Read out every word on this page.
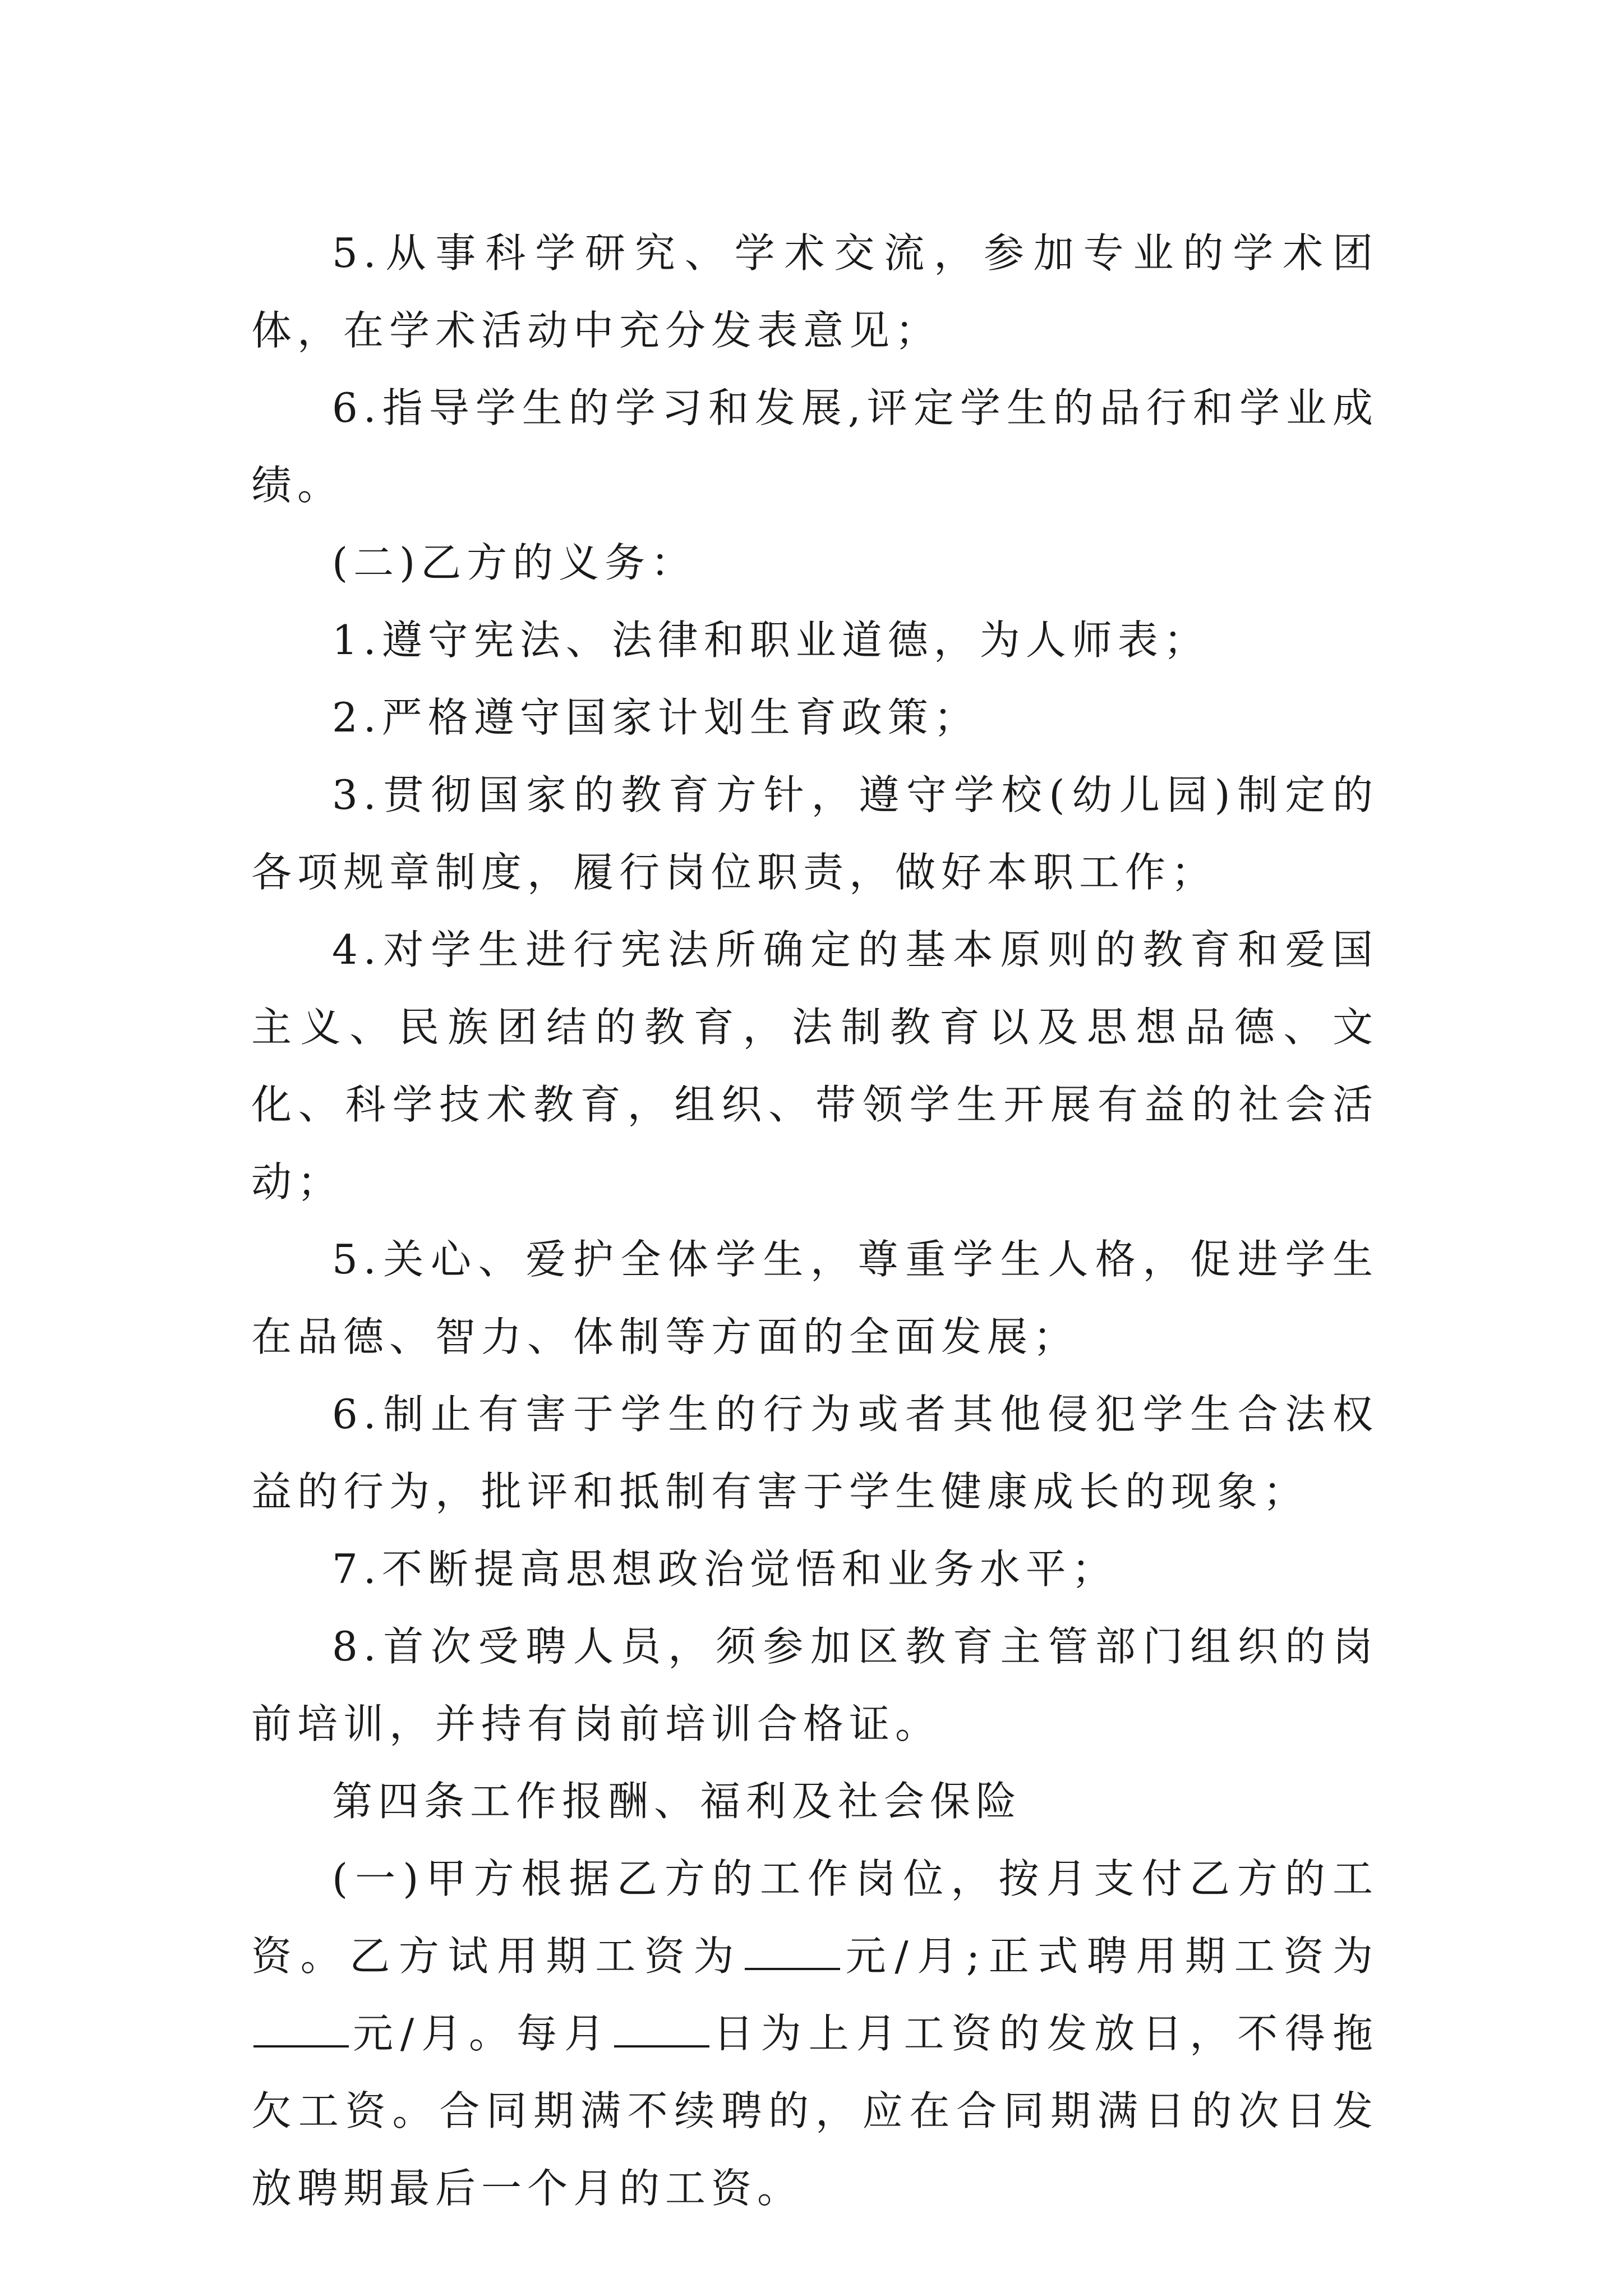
5.从事科学研究、学术交流，参加专业的学术团体，在学术活动中充分发表意见；

6.指导学生的学习和发展,评定学生的品行和学业成绩。

(二)乙方的义务：

1.遵守宪法、法律和职业道德，为人师表；

2.严格遵守国家计划生育政策；

3.贯彻国家的教育方针，遵守学校(幼儿园)制定的各项规章制度，履行岗位职责，做好本职工作；

4.对学生进行宪法所确定的基本原则的教育和爱国主义、民族团结的教育，法制教育以及思想品德、文化、科学技术教育，组织、带领学生开展有益的社会活动；

5.关心、爱护全体学生，尊重学生人格，促进学生在品德、智力、体制等方面的全面发展；

6.制止有害于学生的行为或者其他侵犯学生合法权益的行为，批评和抵制有害于学生健康成长的现象；

7.不断提高思想政治觉悟和业务水平；

8.首次受聘人员，须参加区教育主管部门组织的岗前培训，并持有岗前培训合格证。

第四条工作报酬、福利及社会保险

(一)甲方根据乙方的工作岗位，按月支付乙方的工资。乙方试用期工资为 元/月;正式聘用期工资为元/月。每月 日为上月工资的发放日，不得拖欠工资。合同期满不续聘的，应在合同期满日的次日发放聘期最后一个月的工资。
